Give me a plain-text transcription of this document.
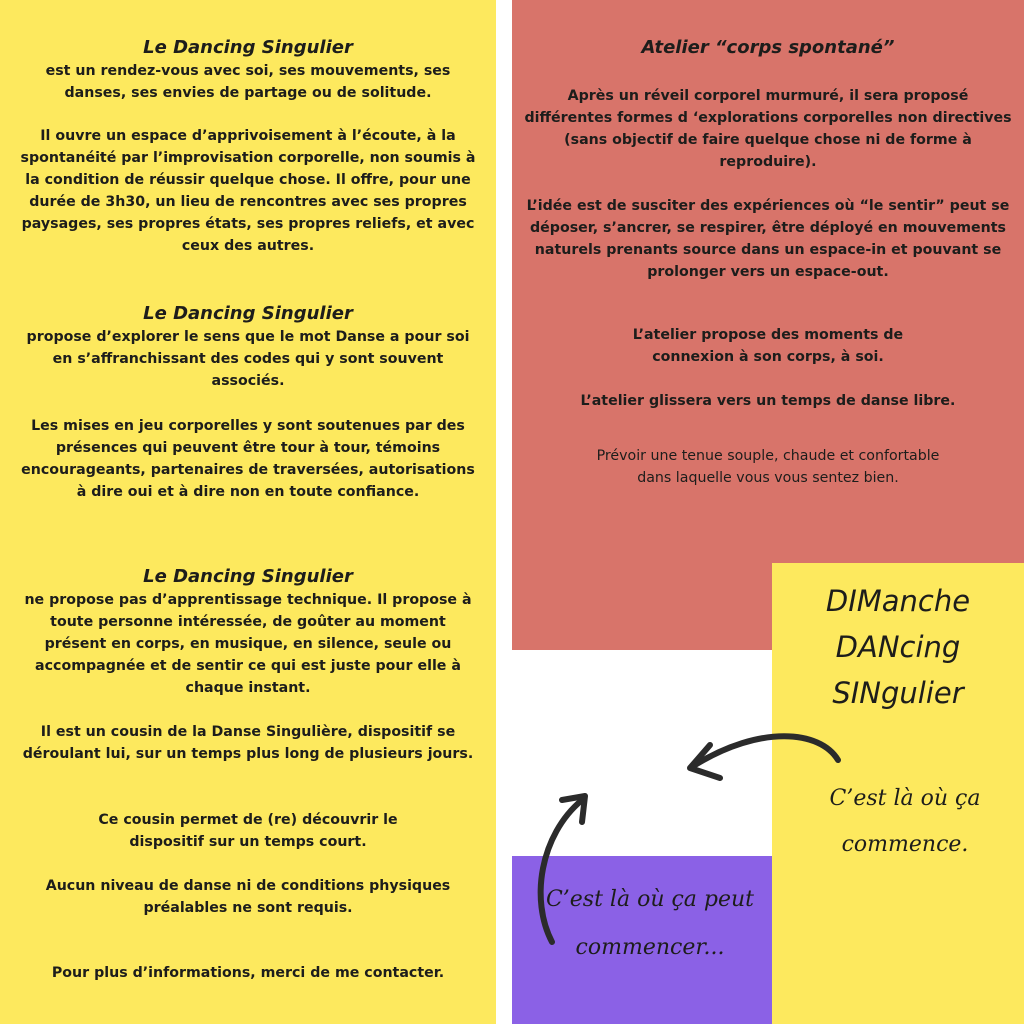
Le Dancing Singulier

est un rendez-vous avec soi, ses mouvements, ses danses, ses envies de partage ou de solitude.

Il ouvre un espace d’apprivoisement à l’écoute, à la spontanéité par l’improvisation corporelle, non soumis à la condition de réussir quelque chose. Il offre, pour une durée de 3h30, un lieu de rencontres avec ses propres paysages, ses propres états, ses propres reliefs, et avec ceux des autres.

Le Dancing Singulier

propose d’explorer le sens que le mot Danse a pour soi en s’affranchissant des codes qui y sont souvent associés.

Les mises en jeu corporelles y sont soutenues par des présences qui peuvent être tour à tour, témoins encourageants, partenaires de traversées, autorisations à dire oui et à dire non en toute confiance.

Le Dancing Singulier

ne propose pas d’apprentissage technique. Il propose à toute personne intéressée, de goûter au moment présent en corps, en musique, en silence, seule ou accompagnée et de sentir ce qui est juste pour elle à chaque instant.

Il est un cousin de la Danse Singulière, dispositif se déroulant lui, sur un temps plus long de plusieurs jours.

Ce cousin permet de (re) découvrir le dispositif sur un temps court.

Aucun niveau de danse ni de conditions physiques préalables ne sont requis.

Pour plus d’informations, merci de me contacter.

Atelier “corps spontané”

Après un réveil corporel murmuré, il sera proposé différentes formes d ‘explorations corporelles non directives (sans objectif de faire quelque chose ni de forme à reproduire).

L’idée est de susciter des expériences où “le sentir” peut se déposer, s’ancrer, se respirer, être déployé en mouvements naturels prenants source dans un espace-in et pouvant se prolonger vers un espace-out.

L’atelier propose des moments de connexion à son corps, à soi.

L’atelier glissera vers un temps de danse libre.

Prévoir une tenue souple, chaude et confortable dans laquelle vous vous sentez bien.

DIManche
DANcing
SINgulier

C’est là où ça commence.

C’est là où ça peut commencer...
